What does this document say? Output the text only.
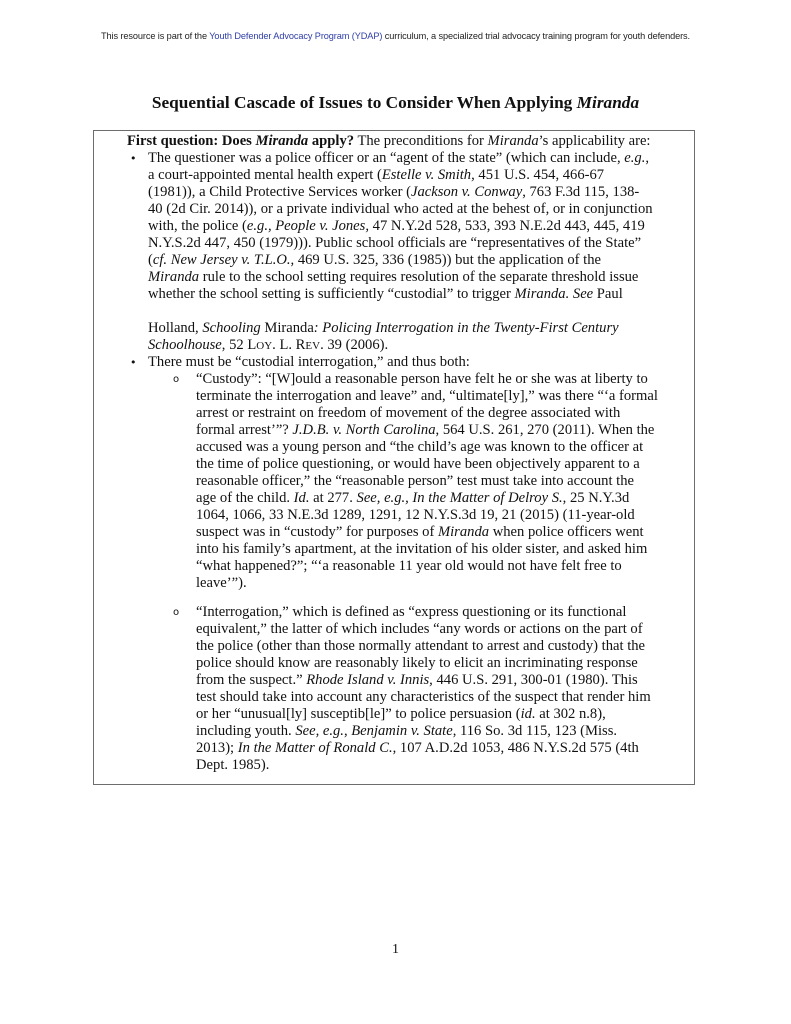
This resource is part of the Youth Defender Advocacy Program (YDAP) curriculum, a specialized trial advocacy training program for youth defenders.
Sequential Cascade of Issues to Consider When Applying Miranda
First question: Does Miranda apply? The preconditions for Miranda’s applicability are:
•
Holland, Schooling Miranda: Policing Interrogation in the Twenty-First Century
Schoolhouse, 52 LOY. L. REV. 39 (2006).
• There must be “custodial interrogation,” and thus both:
o
age of the child. Id. at 277. See, e.g., In the Matter of Delroy S., 25 N.Y.3d
o
including youth. See, e.g., Benjamin v. State, 116 So. 3d 115, 123 (Miss.
The questioner was a police officer or an “agent of the state” (which can include, e.g.,
a court-appointed mental health expert (Estelle v. Smith, 451 U.S. 454, 466-67
(1981)), a Child Protective Services worker (Jackson v. Conway, 763 F.3d 115, 138-
40 (2d Cir. 2014)), or a private individual who acted at the behest of, or in conjunction
with, the police (e.g., People v. Jones, 47 N.Y.2d 528, 533, 393 N.E.2d 443, 445, 419
N.Y.S.2d 447, 450 (1979))). Public school officials are “representatives of the State”
(cf. New Jersey v. T.L.O., 469 U.S. 325, 336 (1985)) but the application of the
Miranda rule to the school setting requires resolution of the separate threshold issue
whether the school setting is sufficiently “custodial” to trigger Miranda. See Paul
“Custody”: “[W]ould a reasonable person have felt he or she was at liberty to
terminate the interrogation and leave” and, “ultimate[ly],” was there “‘a formal
arrest or restraint on freedom of movement of the degree associated with
formal arrest’”? J.D.B. v. North Carolina, 564 U.S. 261, 270 (2011). When the
accused was a young person and “the child’s age was known to the officer at
the time of police questioning, or would have been objectively apparent to a
reasonable officer,” the “reasonable person” test must take into account the
1064, 1066, 33 N.E.3d 1289, 1291, 12 N.Y.S.3d 19, 21 (2015) (11-year-old
suspect was in “custody” for purposes of Miranda when police officers went
into his family’s apartment, at the invitation of his older sister, and asked him
“what happened?”; “‘a reasonable 11 year old would not have felt free to
leave’”).
“Interrogation,” which is defined as “express questioning or its functional
equivalent,” the latter of which includes “any words or actions on the part of
the police (other than those normally attendant to arrest and custody) that the
police should know are reasonably likely to elicit an incriminating response
from the suspect.” Rhode Island v. Innis, 446 U.S. 291, 300-01 (1980). This
test should take into account any characteristics of the suspect that render him
or her “unusual[ly] susceptib[le]” to police persuasion (id. at 302 n.8),
2013); In the Matter of Ronald C., 107 A.D.2d 1053, 486 N.Y.S.2d 575 (4th
Dept. 1985).
1
